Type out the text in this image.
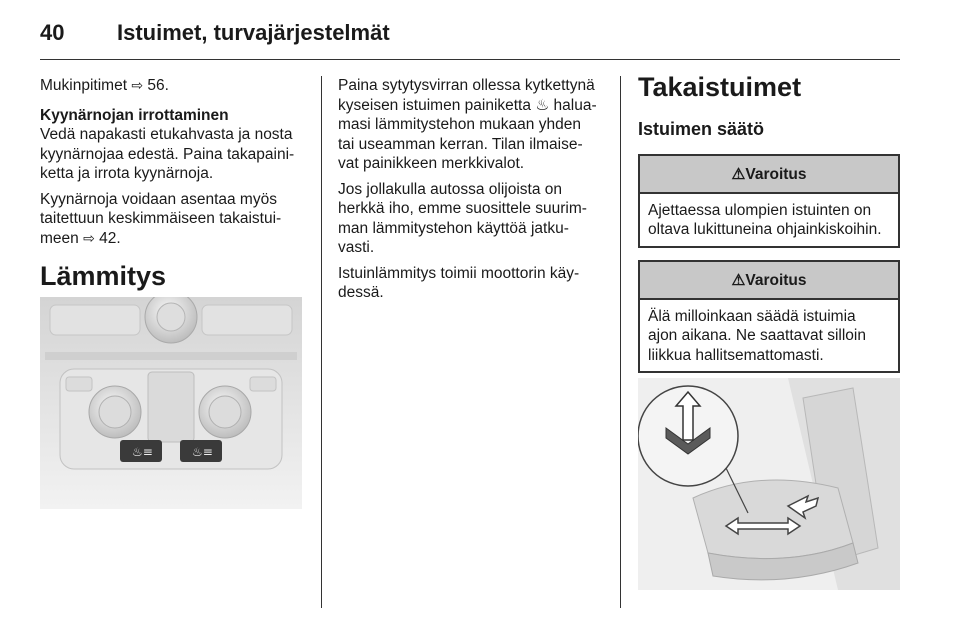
40 Istuimet, turvajärjestelmät

Mukinpitimet ⇨ 56.

Kyynärnojan irrottaminen

Vedä napakasti etukahvasta ja nosta
kyynärnojaa edestä. Paina takapaini-
ketta ja irrota kyynärnoja.

Kyynärnoja voidaan asentaa myös
taitettuun keskimmäiseen takaistui-
meen ⇨ 42.

Lämmitys
♨≡	♨≡

Paina sytytysvirran ollessa kytkettynä
kyseisen istuimen painiketta ♨ halua-
masi lämmitystehon mukaan yhden
tai useamman kerran. Tilan ilmaise-
vat painikkeen merkkivalot.

Jos jollakulla autossa olijoista on
herkkä iho, emme suosittele suurim-
man lämmitystehon käyttöä jatku-
vasti.

Istuinlämmitys toimii moottorin käy-
dessä.

Takaistuimet
Istuimen säätö
⚠Varoitus
Ajettaessa ulompien istuinten on
oltava lukittuneina ohjainkiskoihin.
⚠Varoitus
Älä milloinkaan säädä istuimia
ajon aikana. Ne saattavat silloin
liikkua hallitsemattomasti.
